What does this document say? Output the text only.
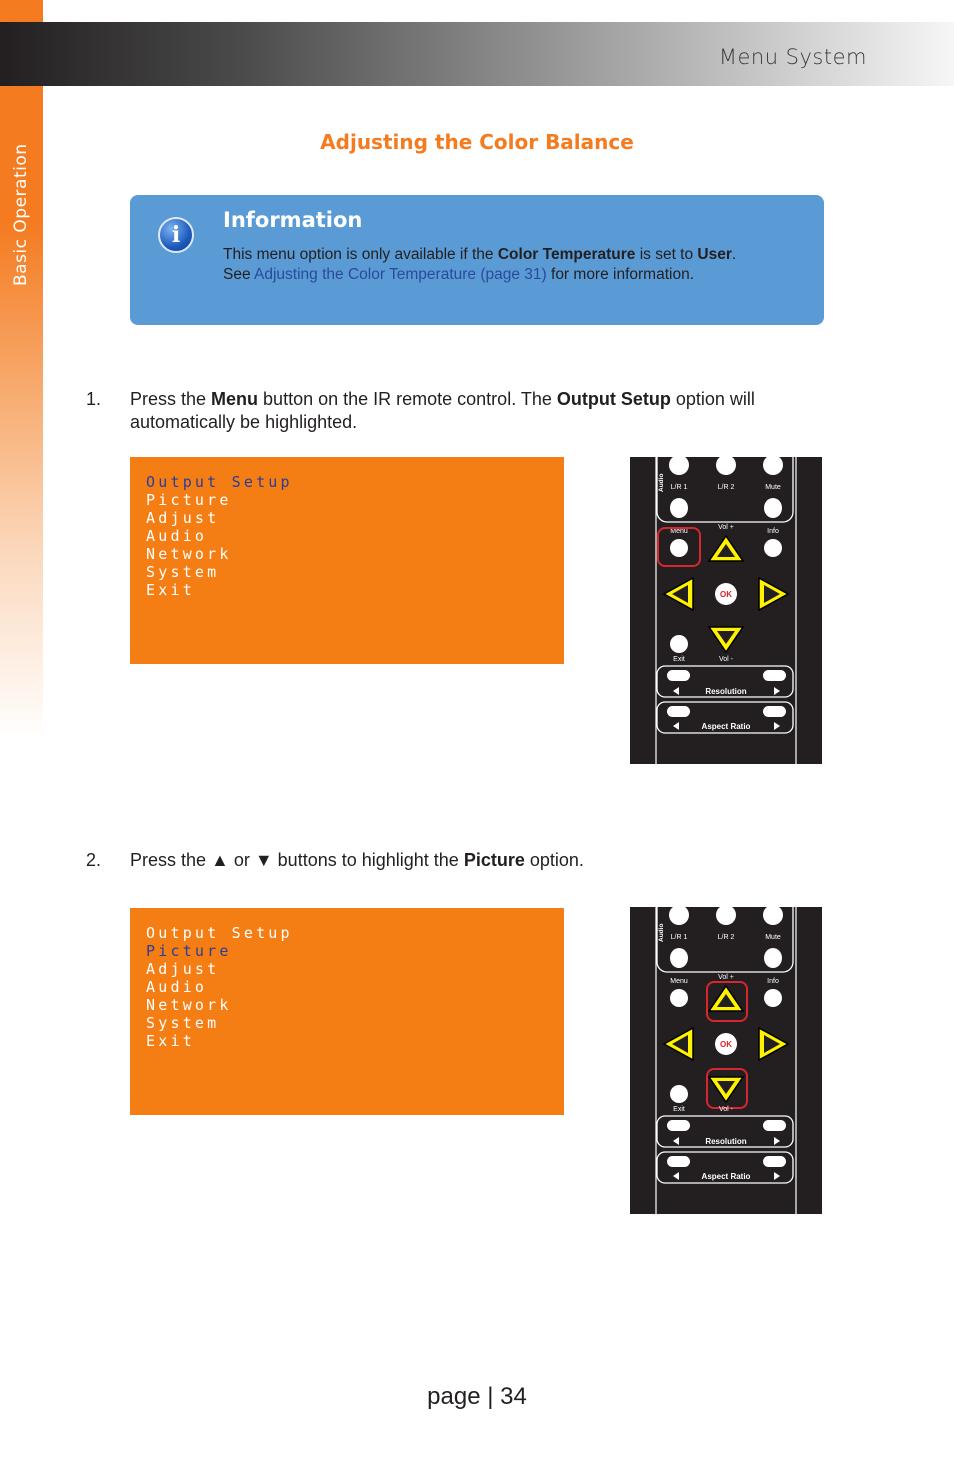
Basic Operation
Menu System
Adjusting the Color Balance
i
Information
This menu option is only available if the Color Temperature is set to User.
See Adjusting the Color Temperature (page 31) for more information.
1. Press the Menu button on the IR remote control. The Output Setup option will automatically be highlighted.
Output Setup
Picture
Adjust
Audio
Network
System
Exit
Audio L/R 1	L/R 2	Mute
Menu
Vol +
Info
OK
Exit	Vol -
Resolution
Aspect Ratio
2. Press the ▲ or ▼ buttons to highlight the Picture option.
Output Setup
Picture
Adjust
Audio
Network
System
Exit
Audio L/R 1	L/R 2	Mute
Menu
Vol +
Info
OK
Exit	Vol -
Resolution
Aspect Ratio
page | 34
